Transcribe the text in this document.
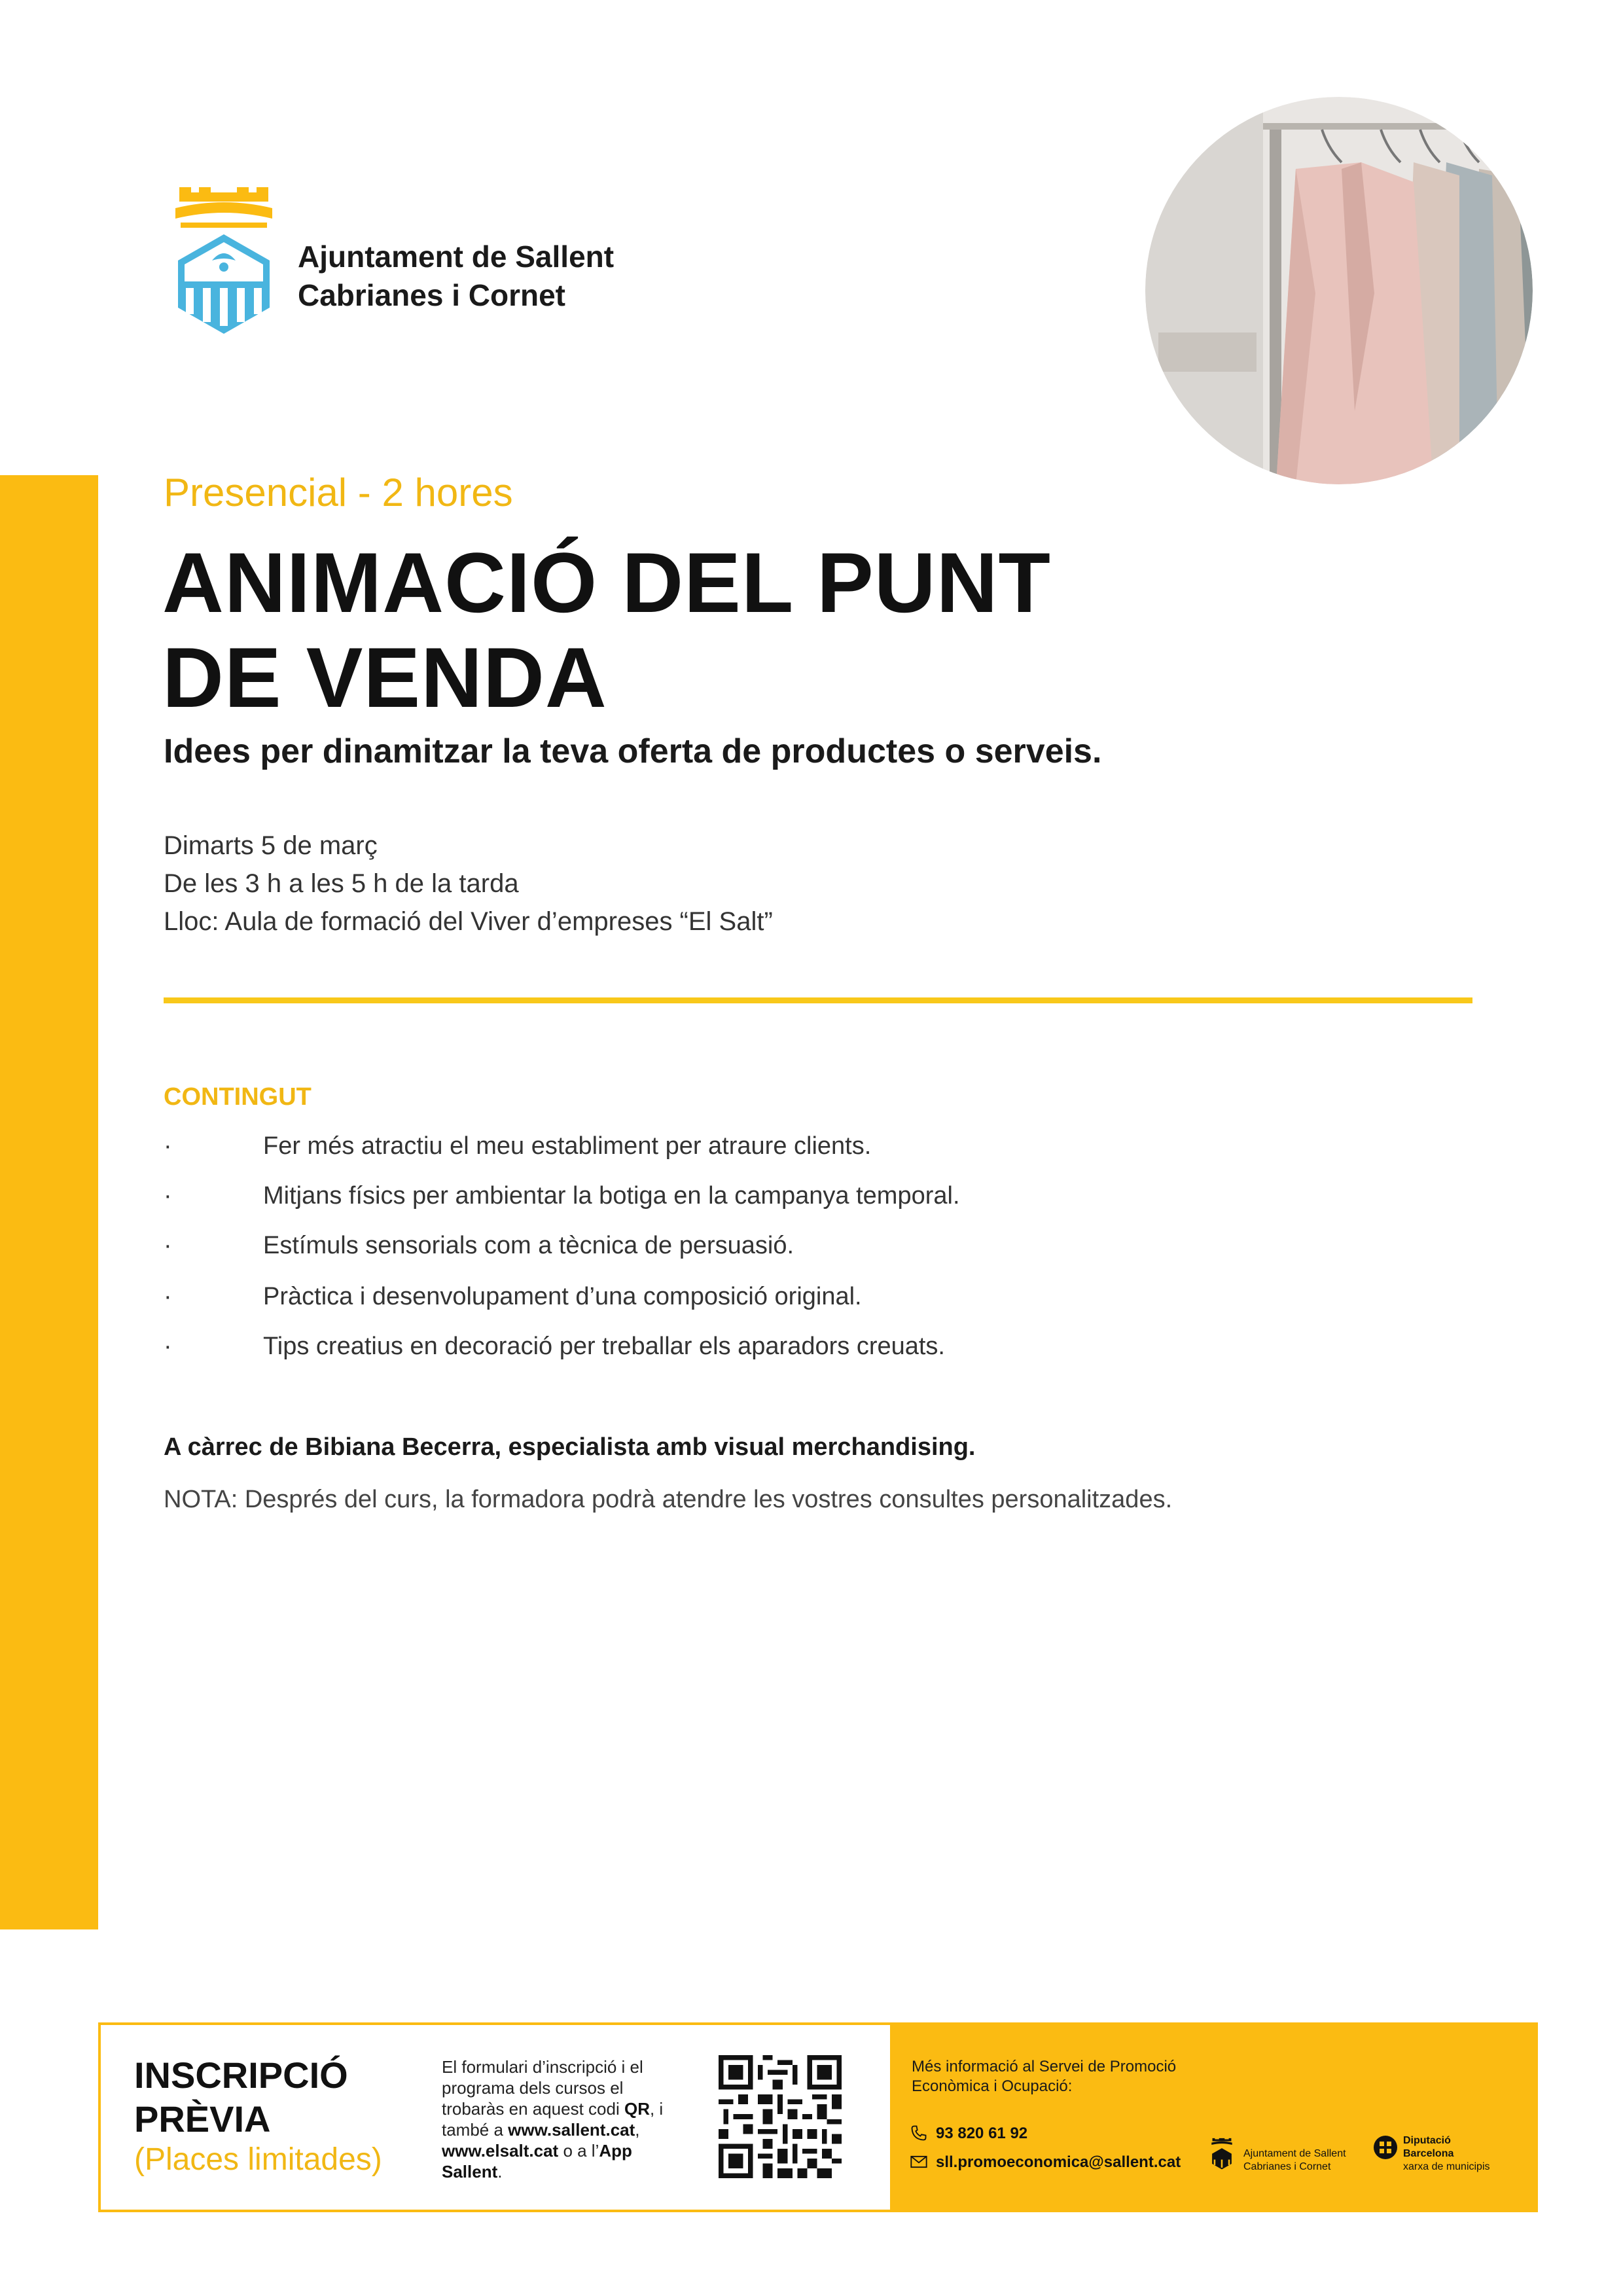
Ajuntament de Sallent
Cabrianes i Cornet
Presencial - 2 hores
ANIMACIÓ DEL PUNT
DE VENDA
Idees per dinamitzar la teva oferta de productes o serveis.
Dimarts 5 de març
De les 3 h a les 5 h de la tarda
Lloc: Aula de formació del Viver d’empreses “El Salt”
CONTINGUT
·	Fer més atractiu el meu establiment per atraure clients.
·	Mitjans físics per ambientar la botiga en la campanya temporal.
·	Estímuls sensorials com a tècnica de persuasió.
·	Pràctica i desenvolupament d’una composició original.
·	Tips creatius en decoració per treballar els aparadors creuats.
A càrrec de Bibiana Becerra, especialista amb visual merchandising.
NOTA: Després del curs, la formadora podrà atendre les vostres consultes personalitzades.
INSCRIPCIÓ
PRÈVIA
(Places limitades)
El formulari d’inscripció i el programa dels cursos el trobaràs en aquest codi QR, i també a www.sallent.cat, www.elsalt.cat o a l’App Sallent.
Més informació al Servei de Promoció Econòmica i Ocupació:
93 820 61 92
sll.promoeconomica@sallent.cat	Ajuntament de Sallent
Cabrianes i Cornet
Diputació
Barcelona
xarxa de municipis
